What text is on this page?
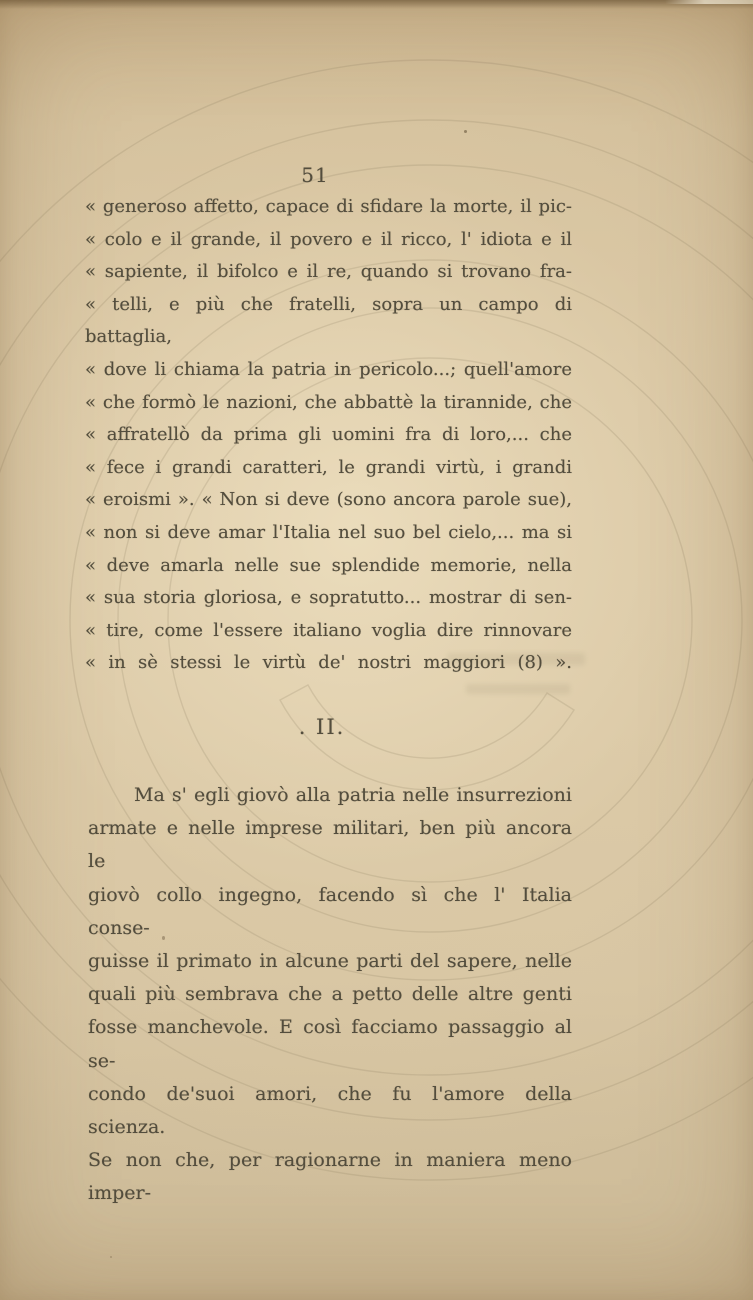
51
« generoso affetto, capace di sfidare la morte, il pic-
« colo e il grande, il povero e il ricco, l' idiota e il
« sapiente, il bifolco e il re, quando si trovano fra-
« telli, e più che fratelli, sopra un campo di battaglia,
« dove li chiama la patria in pericolo...; quell'amore
« che formò le nazioni, che abbattè la tirannide, che
« affratellò da prima gli uomini fra di loro,... che
« fece i grandi caratteri, le grandi virtù, i grandi
« eroismi ». « Non si deve (sono ancora parole sue),
« non si deve amar l'Italia nel suo bel cielo,... ma si
« deve amarla nelle sue splendide memorie, nella
« sua storia gloriosa, e sopratutto... mostrar di sen-
« tire, come l'essere italiano voglia dire rinnovare
« in sè stessi le virtù de' nostri maggiori (8) ».
. II.
Ma s' egli giovò alla patria nelle insurrezioni
armate e nelle imprese militari, ben più ancora le
giovò collo ingegno, facendo sì che l' Italia conse-
guisse il primato in alcune parti del sapere, nelle
quali più sembrava che a petto delle altre genti
fosse manchevole. E così facciamo passaggio al se-
condo de'suoi amori, che fu l'amore della scienza.
Se non che, per ragionarne in maniera meno imper-
